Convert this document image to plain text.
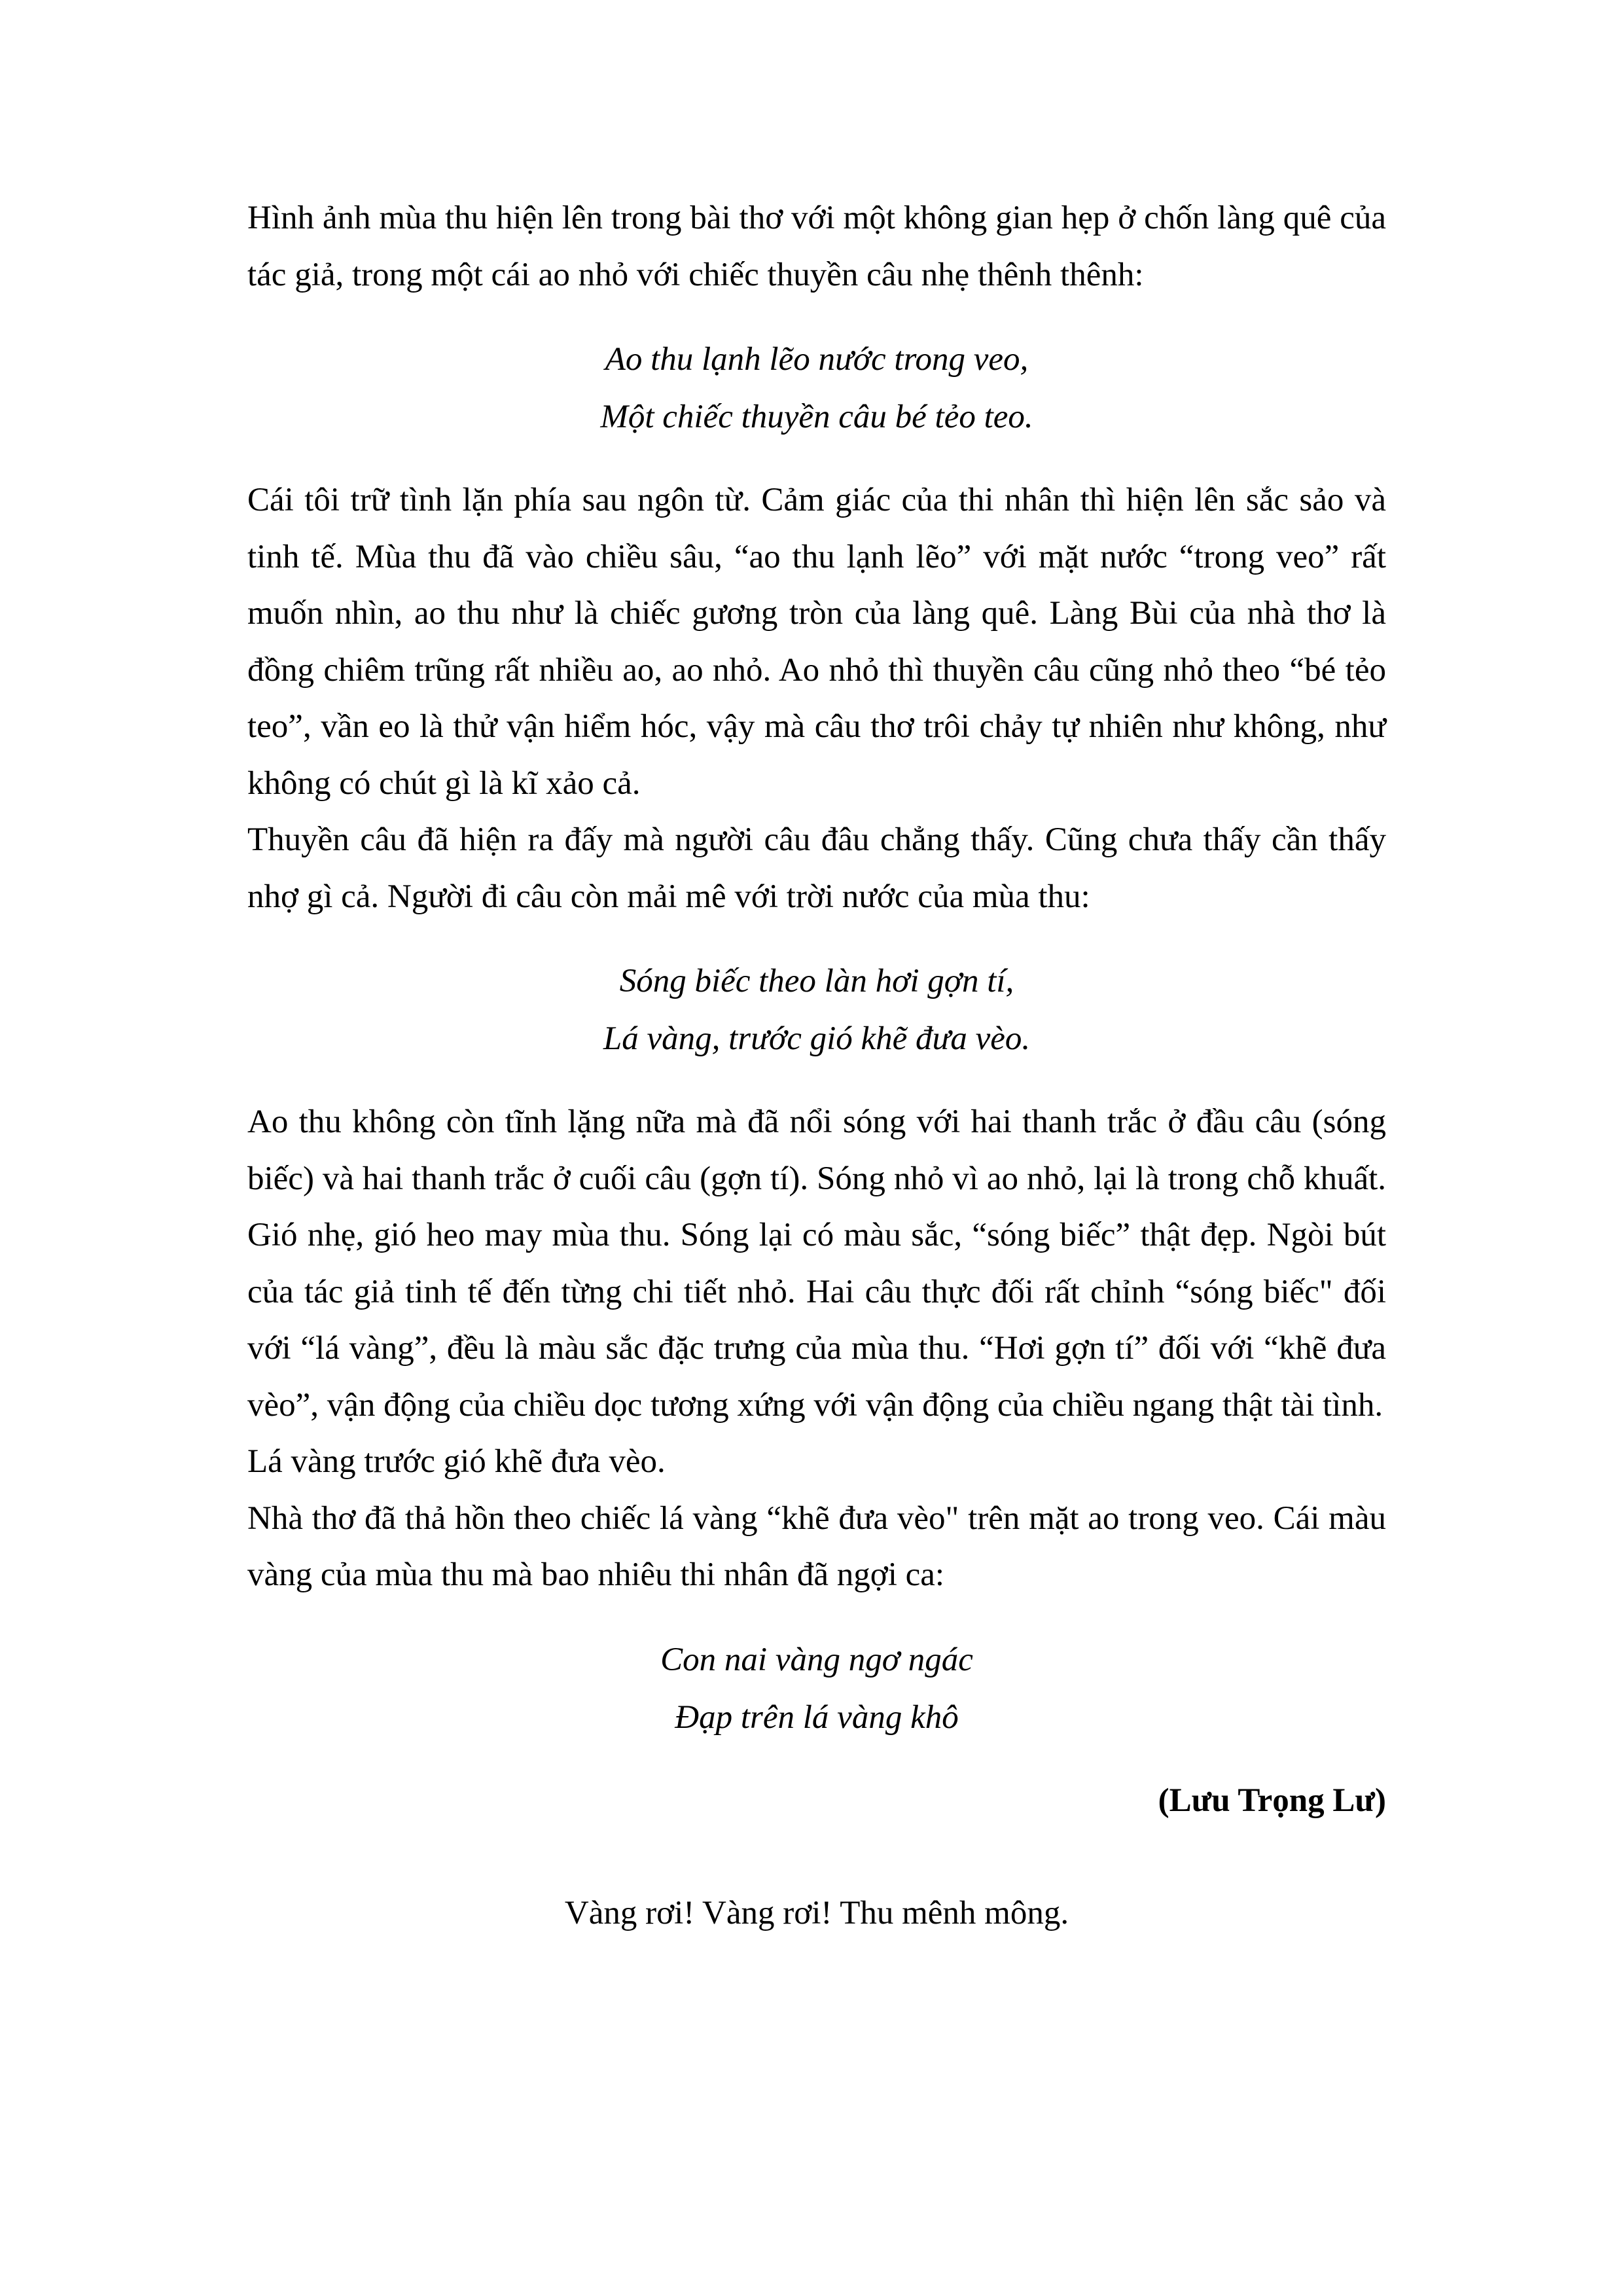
Hình ảnh mùa thu hiện lên trong bài thơ với một không gian hẹp ở chốn làng quê của tác giả, trong một cái ao nhỏ với chiếc thuyền câu nhẹ thênh thênh:

Ao thu lạnh lẽo nước trong veo,
Một chiếc thuyền câu bé tẻo teo.

Cái tôi trữ tình lặn phía sau ngôn từ. Cảm giác của thi nhân thì hiện lên sắc sảo và tinh tế. Mùa thu đã vào chiều sâu, “ao thu lạnh lẽo” với mặt nước “trong veo” rất muốn nhìn, ao thu như là chiếc gương tròn của làng quê. Làng Bùi của nhà thơ là đồng chiêm trũng rất nhiều ao, ao nhỏ. Ao nhỏ thì thuyền câu cũng nhỏ theo “bé tẻo teo”, vần eo là thử vận hiểm hóc, vậy mà câu thơ trôi chảy tự nhiên như không, như không có chút gì là kĩ xảo cả.

Thuyền câu đã hiện ra đấy mà người câu đâu chẳng thấy. Cũng chưa thấy cần thấy nhợ gì cả. Người đi câu còn mải mê với trời nước của mùa thu:

Sóng biếc theo làn hơi gợn tí,
Lá vàng, trước gió khẽ đưa vèo.

Ao thu không còn tĩnh lặng nữa mà đã nổi sóng với hai thanh trắc ở đầu câu (sóng biếc) và hai thanh trắc ở cuối câu (gợn tí). Sóng nhỏ vì ao nhỏ, lại là trong chỗ khuất. Gió nhẹ, gió heo may mùa thu. Sóng lại có màu sắc, “sóng biếc” thật đẹp. Ngòi bút của tác giả tinh tế đến từng chi tiết nhỏ. Hai câu thực đối rất chỉnh “sóng biếc" đối với “lá vàng”, đều là màu sắc đặc trưng của mùa thu. “Hơi gợn tí” đối với “khẽ đưa vèo”, vận động của chiều dọc tương xứng với vận động của chiều ngang thật tài tình.

Lá vàng trước gió khẽ đưa vèo.

Nhà thơ đã thả hồn theo chiếc lá vàng “khẽ đưa vèo" trên mặt ao trong veo. Cái màu vàng của mùa thu mà bao nhiêu thi nhân đã ngợi ca:

Con nai vàng ngơ ngác
Đạp trên lá vàng khô

(Lưu Trọng Lư)

Vàng rơi! Vàng rơi! Thu mênh mông.
